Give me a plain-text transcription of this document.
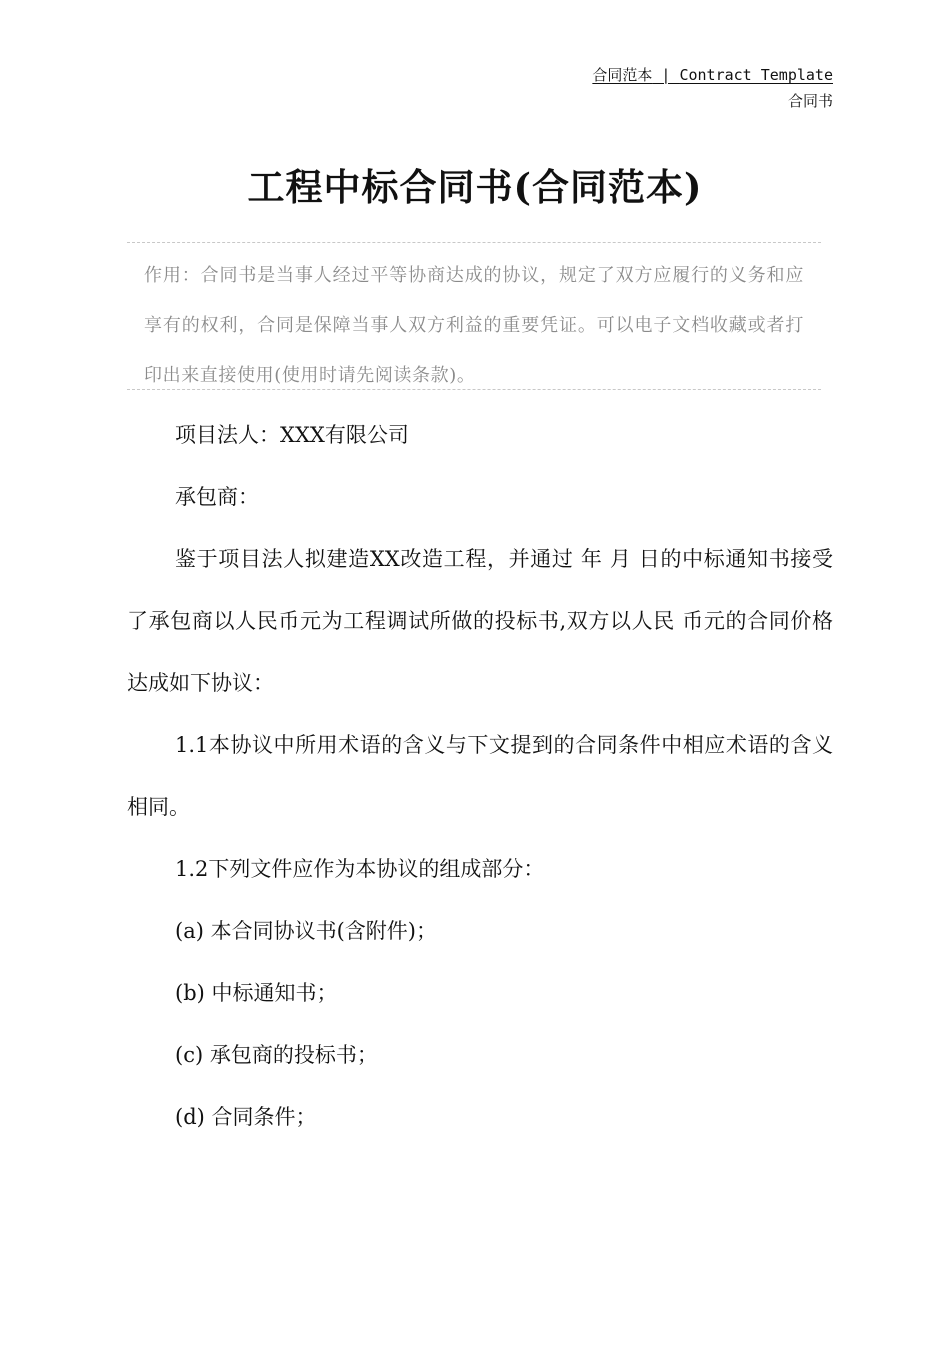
合同范本 | Contract Template
合同书
工程中标合同书(合同范本)
作用：合同书是当事人经过平等协商达成的协议，规定了双方应履行的义务和应享有的权利，合同是保障当事人双方利益的重要凭证。可以电子文档收藏或者打印出来直接使用(使用时请先阅读条款)。

项目法人：XXX有限公司

承包商：

鉴于项目法人拟建造XX改造工程，并通过 年 月 日的中标通知书接受了承包商以人民币元为工程调试所做的投标书,双方以人民 币元的合同价格达成如下协议：

1.1本协议中所用术语的含义与下文提到的合同条件中相应术语的含义相同。

1.2下列文件应作为本协议的组成部分：

(a) 本合同协议书(含附件)；

(b) 中标通知书；

(c) 承包商的投标书；

(d) 合同条件；
